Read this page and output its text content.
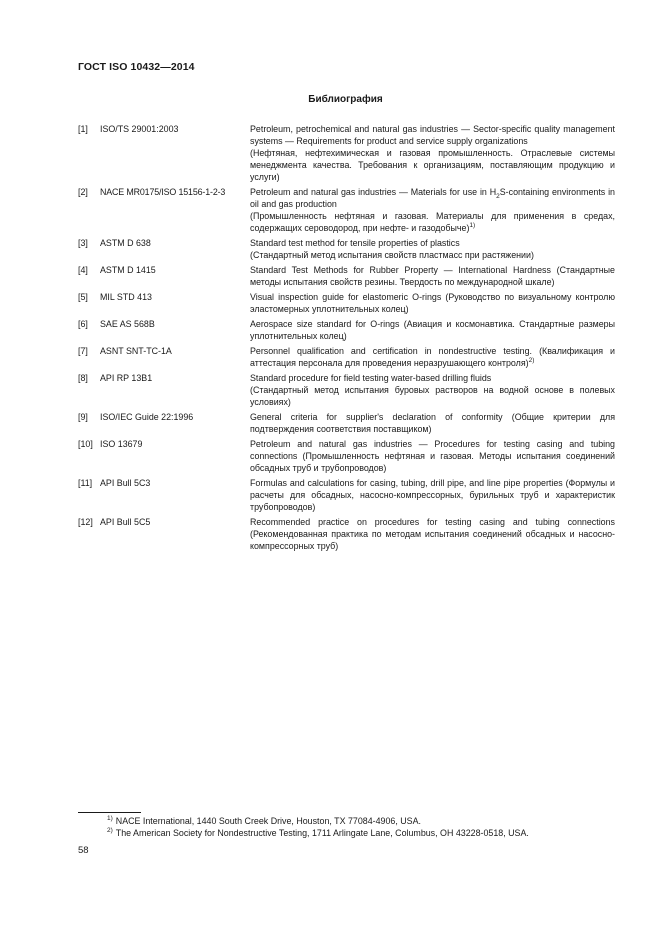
ГОСТ ISO 10432—2014
Библиография
[1]	ISO/TS 29001:2003	Petroleum, petrochemical and natural gas industries — Sector-specific quality management systems — Requirements for product and service supply organizations
(Нефтяная, нефтехимическая и газовая промышленность. Отраслевые системы менеджмента качества. Требования к организациям, поставляющим продукцию и услуги)
[2]	NACE MR0175/ISO 15156-1-2-3	Petroleum and natural gas industries — Materials for use in $H_2S$-containing environments in oil and gas production
(Промышленность нефтяная и газовая. Материалы для применения в средах, содержащих сероводород, при нефте- и газодобыче)$^{1)}$
[3]	ASTM D 638	Standard test method for tensile properties of plastics
(Стандартный метод испытания свойств пластмасс при растяжении)
[4]	ASTM D 1415	Standard Test Methods for Rubber Property — International Hardness (Стандартные методы испытания свойств резины. Твердость по международной шкале)
[5]	MIL STD 413	Visual inspection guide for elastomeric O-rings (Руководство по визуальному контролю эластомерных уплотнительных колец)
[6]	SAE AS 568B	Aerospace size standard for O-rings (Авиация и космонавтика. Стандартные размеры уплотнительных колец)
[7]	ASNT SNT-TC-1A	Personnel qualification and certification in nondestructive testing. (Квалификация и аттестация персонала для проведения неразрушающего контроля)$^{2)}$
[8]	API RP 13B1	Standard procedure for field testing water-based drilling fluids
(Стандартный метод испытания буровых растворов на водной основе в полевых условиях)
[9]	ISO/IEC Guide 22:1996	General criteria for supplier's declaration of conformity (Общие критерии для подтверждения соответствия поставщиком)
[10] ISO 13679	Petroleum and natural gas industries — Procedures for testing casing and tubing connections (Промышленность нефтяная и газовая. Методы испытания соединений обсадных труб и трубопроводов)
[11] API Bull 5C3	Formulas and calculations for casing, tubing, drill pipe, and line pipe properties (Формулы и расчеты для обсадных, насосно-компрессорных, бурильных труб и характеристик трубопроводов)
[12] API Bull 5C5	Recommended practice on procedures for testing casing and tubing connections (Рекомендованная практика по методам испытания соединений обсадных и насосно-компрессорных труб)
$^{1)}$ NACE International, 1440 South Creek Drive, Houston, TX 77084-4906, USA.
$^{2)}$ The American Society for Nondestructive Testing, 1711 Arlingate Lane, Columbus, OH 43228-0518, USA.
58
